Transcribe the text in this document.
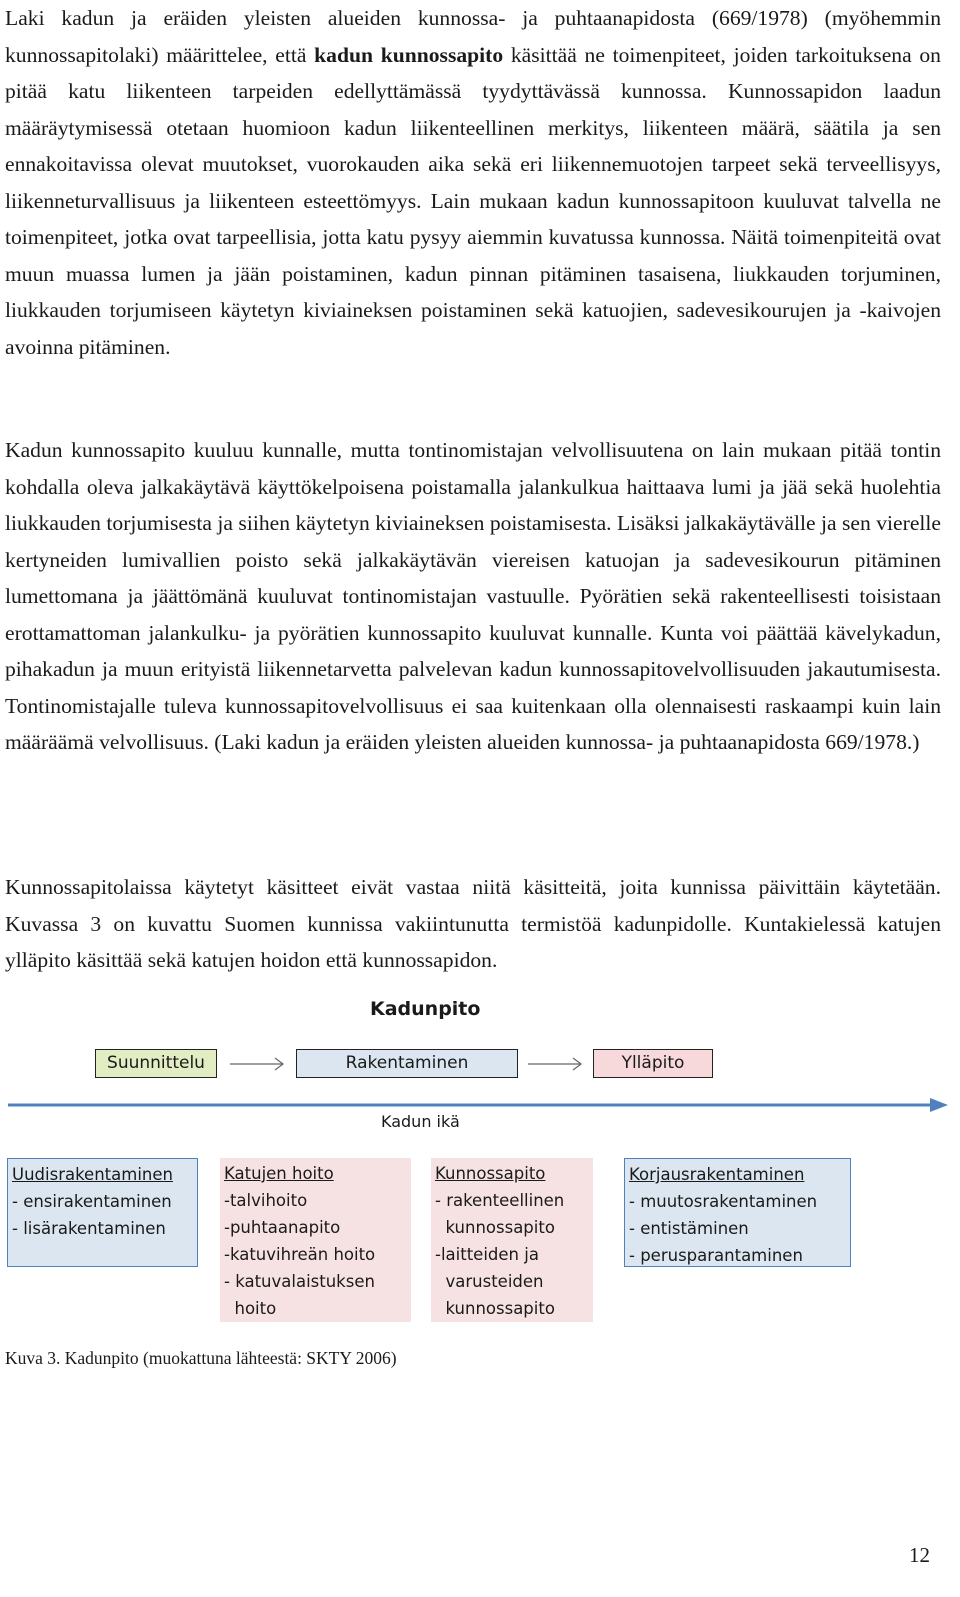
Laki kadun ja eräiden yleisten alueiden kunnossa- ja puhtaanapidosta (669/1978) (myöhemmin kunnossapitolaki) määrittelee, että kadun kunnossapito käsittää ne toimenpiteet, joiden tarkoituksena on pitää katu liikenteen tarpeiden edellyttämässä tyydyttävässä kunnossa. Kunnossapidon laadun määräytymisessä otetaan huomioon kadun liikenteellinen merkitys, liikenteen määrä, säätila ja sen ennakoitavissa olevat muutokset, vuorokauden aika sekä eri liikennemuotojen tarpeet sekä terveellisyys, liikenneturvallisuus ja liikenteen esteettömyys. Lain mukaan kadun kunnossapitoon kuuluvat talvella ne toimenpiteet, jotka ovat tarpeellisia, jotta katu pysyy aiemmin kuvatussa kunnossa. Näitä toimenpiteitä ovat muun muassa lumen ja jään poistaminen, kadun pinnan pitäminen tasaisena, liukkauden torjuminen, liukkauden torjumiseen käytetyn kiviaineksen poistaminen sekä katuojien, sadevesikourujen ja -kaivojen avoinna pitäminen.

Kadun kunnossapito kuuluu kunnalle, mutta tontinomistajan velvollisuutena on lain mukaan pitää tontin kohdalla oleva jalkakäytävä käyttökelpoisena poistamalla jalankulkua haittaava lumi ja jää sekä huolehtia liukkauden torjumisesta ja siihen käytetyn kiviaineksen poistamisesta. Lisäksi jalkakäytävälle ja sen vierelle kertyneiden lumivallien poisto sekä jalkakäytävän viereisen katuojan ja sadevesikourun pitäminen lumettomana ja jäättömänä kuuluvat tontinomistajan vastuulle. Pyörätien sekä rakenteellisesti toisistaan erottamattoman jalankulku- ja pyörätien kunnossapito kuuluvat kunnalle. Kunta voi päättää kävelykadun, pihakadun ja muun erityistä liikennetarvetta palvelevan kadun kunnossapitovelvollisuuden jakautumisesta. Tontinomistajalle tuleva kunnossapitovelvollisuus ei saa kuitenkaan olla olennaisesti raskaampi kuin lain määräämä velvollisuus. (Laki kadun ja eräiden yleisten alueiden kunnossa- ja puhtaanapidosta 669/1978.)

Kunnossapitolaissa käytetyt käsitteet eivät vastaa niitä käsitteitä, joita kunnissa päivittäin käytetään. Kuvassa 3 on kuvattu Suomen kunnissa vakiintunutta termistöä kadunpidolle. Kuntakielessä katujen ylläpito käsittää sekä katujen hoidon että kunnossapidon.

Kadunpito
Suunnittelu	Rakentaminen	Ylläpito
Kadun ikä
Uudisrakentaminen
- ensirakentaminen
- lisärakentaminen
Katujen hoito
-talvihoito
-puhtaanapito
-katuvihreän hoito
- katuvalaistuksen
hoito
Kunnossapito
- rakenteellinen
kunnossapito
-laitteiden ja
varusteiden
kunnossapito
Korjausrakentaminen
- muutosrakentaminen
- entistäminen
- perusparantaminen
Kuva 3. Kadunpito (muokattuna lähteestä: SKTY 2006)
12
